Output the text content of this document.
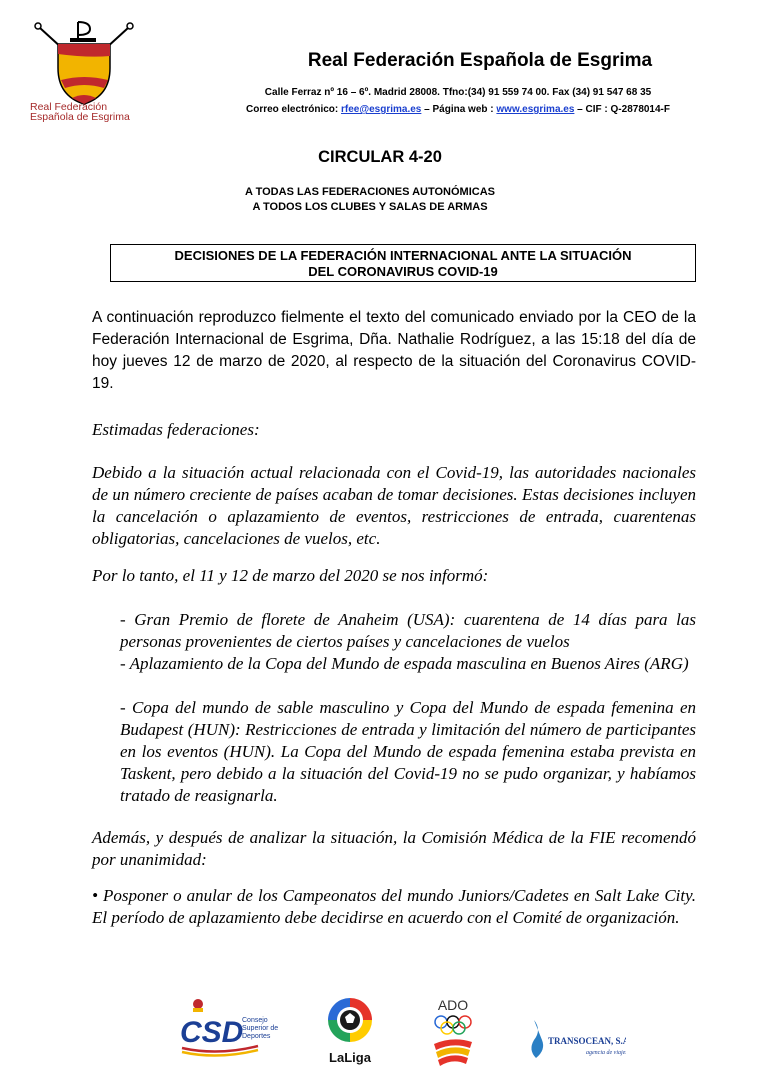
Real Federación
Española de Esgrima
Real Federación Española de Esgrima
Calle Ferraz nº 16 – 6º. Madrid 28008. Tfno:(34) 91 559 74 00. Fax (34) 91 547 68 35
Correo electrónico: rfee@esgrima.es – Página web : www.esgrima.es – CIF : Q-2878014-F
CIRCULAR 4-20
A TODAS LAS FEDERACIONES AUTONÓMICAS
A TODOS LOS CLUBES Y SALAS DE ARMAS
DECISIONES DE LA FEDERACIÓN INTERNACIONAL ANTE LA SITUACIÓN
DEL CORONAVIRUS COVID-19
A continuación reproduzco fielmente el texto del comunicado enviado por la CEO de la Federación Internacional de Esgrima, Dña. Nathalie Rodríguez, a las 15:18 del día de hoy jueves 12 de marzo de 2020, al respecto de la situación del Coronavirus COVID-19.
Estimadas federaciones:
Debido a la situación actual relacionada con el Covid-19, las autoridades nacionales de un número creciente de países acaban de tomar decisiones. Estas decisiones incluyen la cancelación o aplazamiento de eventos, restricciones de entrada, cuarentenas obligatorias, cancelaciones de vuelos, etc.
Por lo tanto, el 11 y 12 de marzo del 2020 se nos informó:
- Gran Premio de florete de Anaheim (USA): cuarentena de 14 días para las personas provenientes de ciertos países y cancelaciones de vuelos
- Aplazamiento de la Copa del Mundo de espada masculina en Buenos Aires (ARG)
- Copa del mundo de sable masculino y Copa del Mundo de espada femenina en Budapest (HUN): Restricciones de entrada y limitación del número de participantes en los eventos (HUN). La Copa del Mundo de espada femenina estaba prevista en Taskent, pero debido a la situación del Covid-19 no se pudo organizar, y habíamos tratado de reasignarla.
Además, y después de analizar la situación, la Comisión Médica de la FIE recomendó por unanimidad:
• Posponer o anular de los Campeonatos del mundo Juniors/Cadetes en Salt Lake City. El período de aplazamiento debe decidirse en acuerdo con el Comité de organización.
CSD
Consejo
Superior de
Deportes
LaLiga
ADO
TRANSOCEAN, S.A.
agencia de viajes
